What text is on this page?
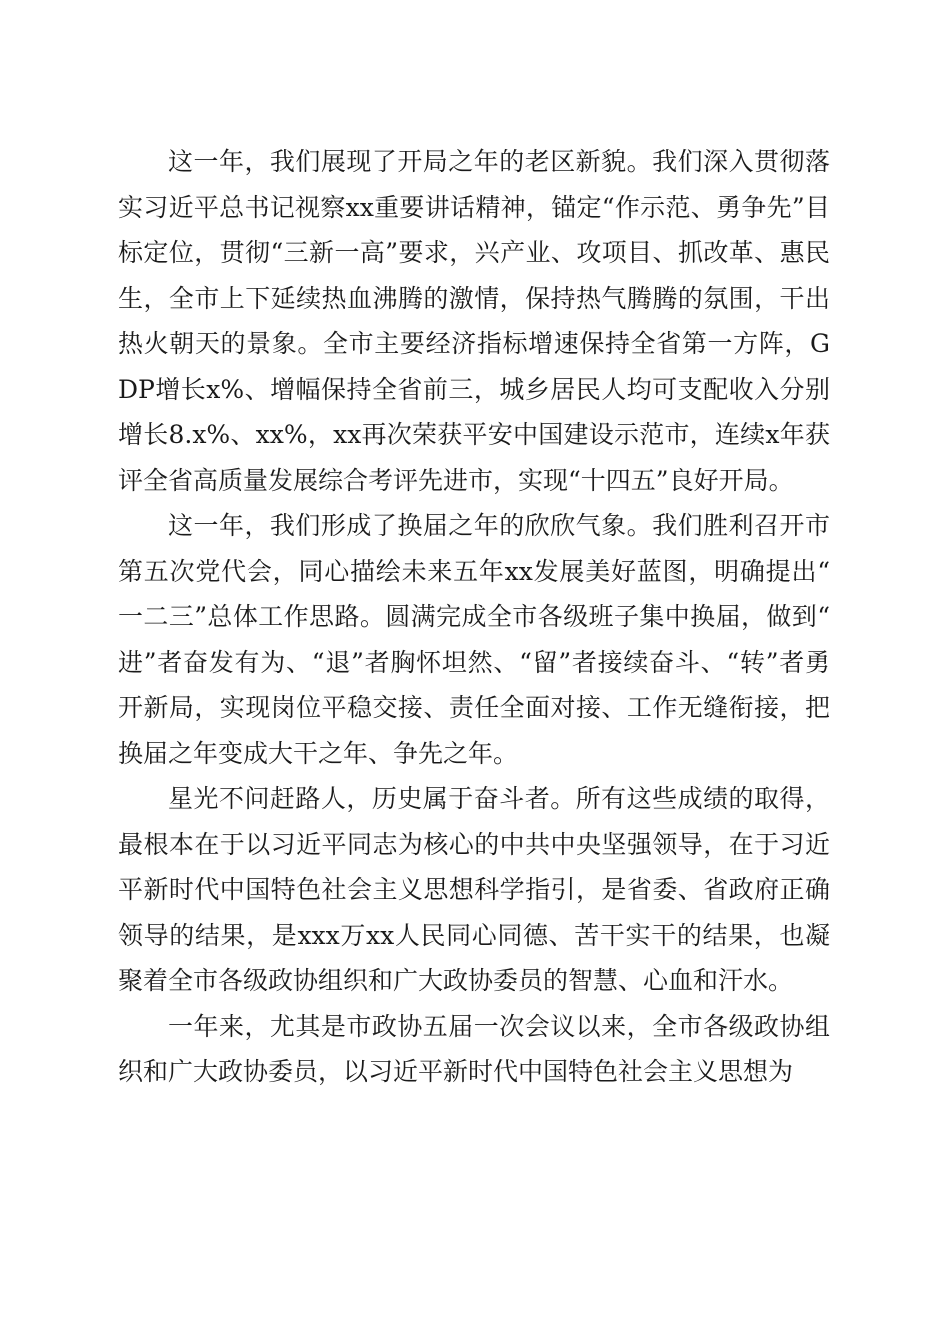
这一年，我们展现了开局之年的老区新貌。我们深入贯彻落实习近平总书记视察xx重要讲话精神，锚定“作示范、勇争先”目标定位，贯彻“三新一高”要求，兴产业、攻项目、抓改革、惠民生，全市上下延续热血沸腾的激情，保持热气腾腾的氛围，干出热火朝天的景象。全市主要经济指标增速保持全省第一方阵，GDP增长x%、增幅保持全省前三，城乡居民人均可支配收入分别增长8.x%、xx%，xx再次荣获平安中国建设示范市，连续x年获评全省高质量发展综合考评先进市，实现“十四五”良好开局。

这一年，我们形成了换届之年的欣欣气象。我们胜利召开市第五次党代会，同心描绘未来五年xx发展美好蓝图，明确提出“一二三”总体工作思路。圆满完成全市各级班子集中换届，做到“进”者奋发有为、“退”者胸怀坦然、“留”者接续奋斗、“转”者勇开新局，实现岗位平稳交接、责任全面对接、工作无缝衔接，把换届之年变成大干之年、争先之年。

星光不问赶路人，历史属于奋斗者。所有这些成绩的取得，最根本在于以习近平同志为核心的中共中央坚强领导，在于习近平新时代中国特色社会主义思想科学指引，是省委、省政府正确领导的结果，是xxx万xx人民同心同德、苦干实干的结果，也凝聚着全市各级政协组织和广大政协委员的智慧、心血和汗水。

一年来，尤其是市政协五届一次会议以来，全市各级政协组织和广大政协委员，以习近平新时代中国特色社会主义思想为
